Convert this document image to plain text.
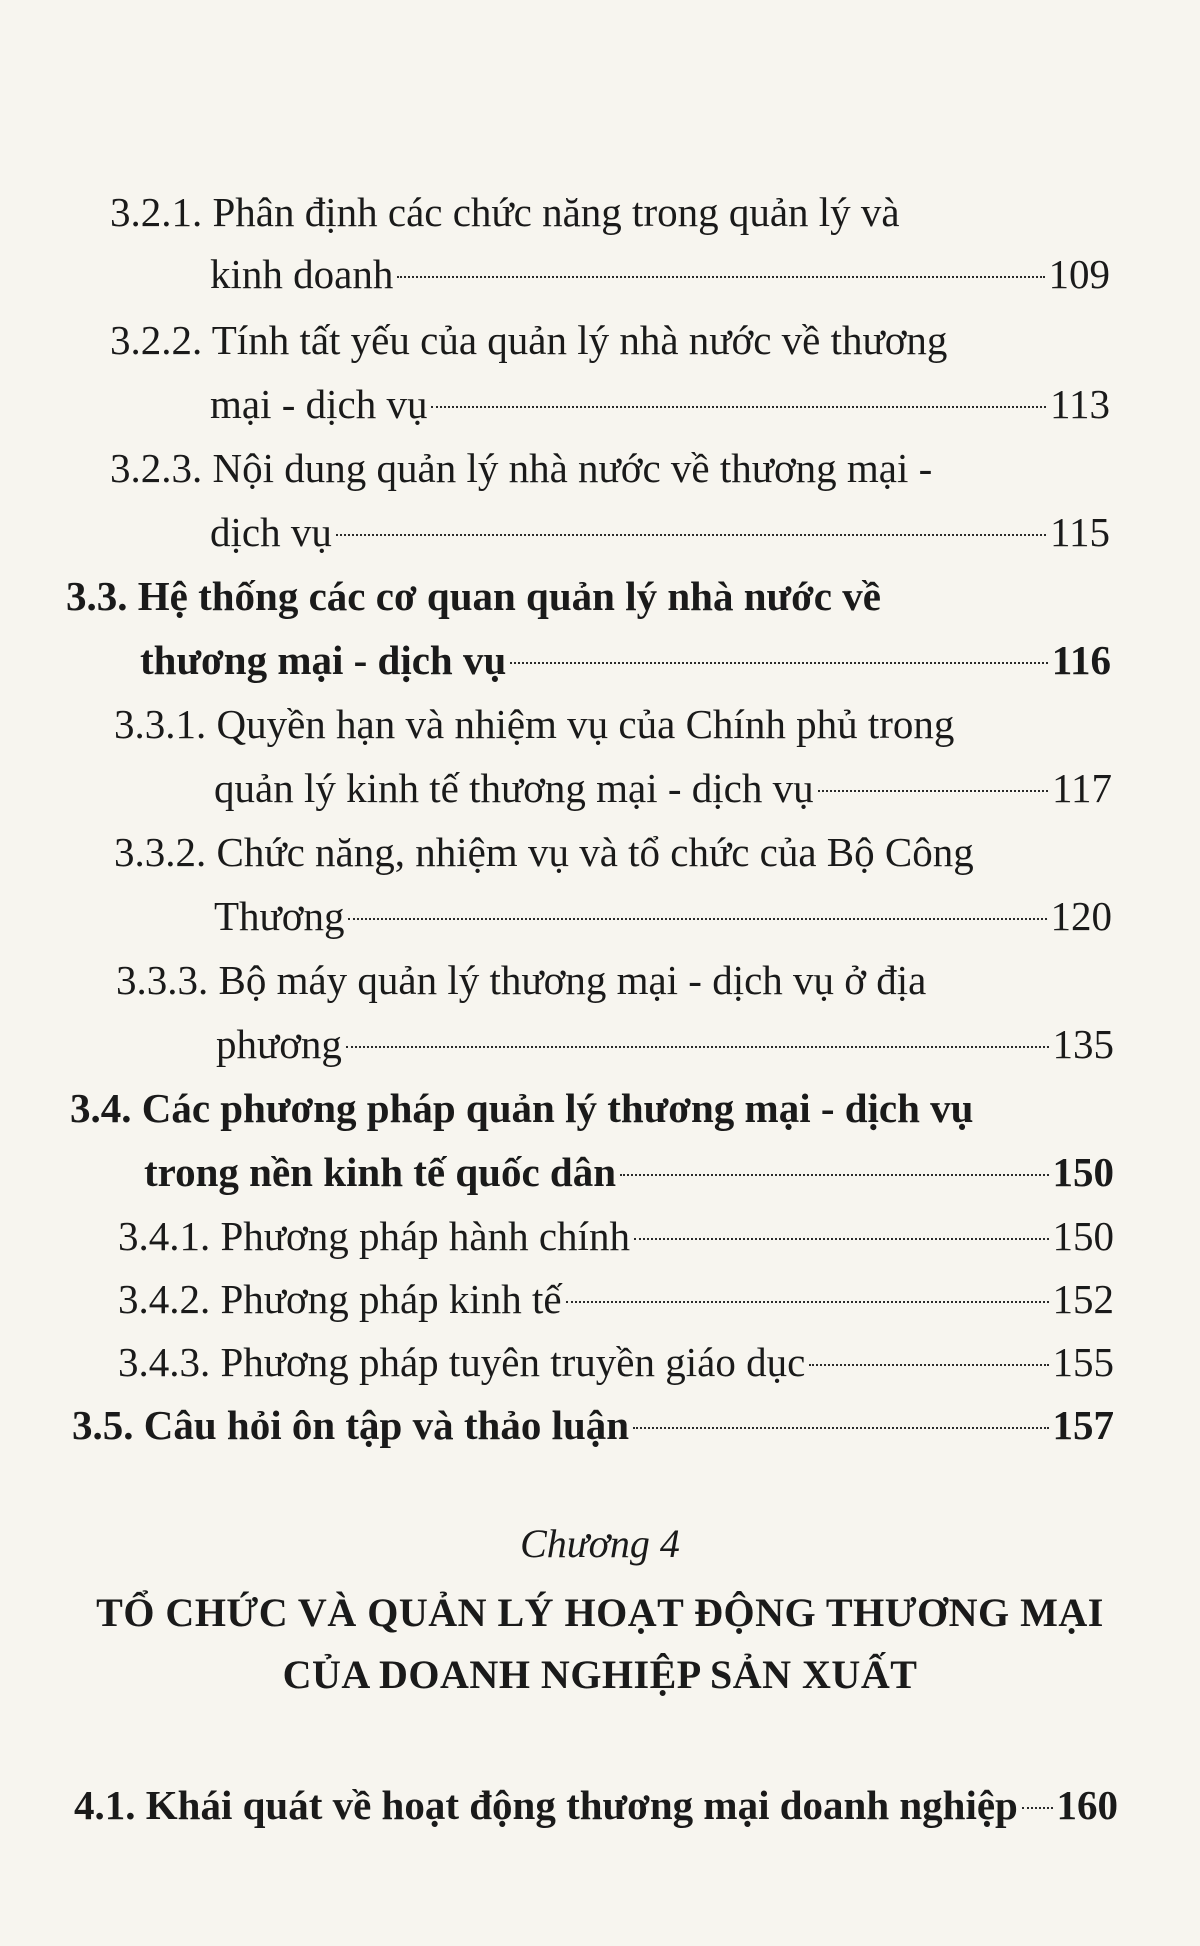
3.2.1. Phân định các chức năng trong quản lý và
kinh doanh	109
3.2.2. Tính tất yếu của quản lý nhà nước về thương
mại - dịch vụ	113
3.2.3. Nội dung quản lý nhà nước về thương mại -
dịch vụ	115
3.3. Hệ thống các cơ quan quản lý nhà nước về
thương mại - dịch vụ	116
3.3.1. Quyền hạn và nhiệm vụ của Chính phủ trong
quản lý kinh tế thương mại - dịch vụ	117
3.3.2. Chức năng, nhiệm vụ và tổ chức của Bộ Công
Thương	120
3.3.3. Bộ máy quản lý thương mại - dịch vụ ở địa
phương	135
3.4. Các phương pháp quản lý thương mại - dịch vụ
trong nền kinh tế quốc dân	150
3.4.1. Phương pháp hành chính	150
3.4.2. Phương pháp kinh tế	152
3.4.3. Phương pháp tuyên truyền giáo dục	155
3.5. Câu hỏi ôn tập và thảo luận	157
Chương 4
TỔ CHỨC VÀ QUẢN LÝ HOẠT ĐỘNG THƯƠNG MẠI
CỦA DOANH NGHIỆP SẢN XUẤT
4.1. Khái quát về hoạt động thương mại doanh nghiệp 160
